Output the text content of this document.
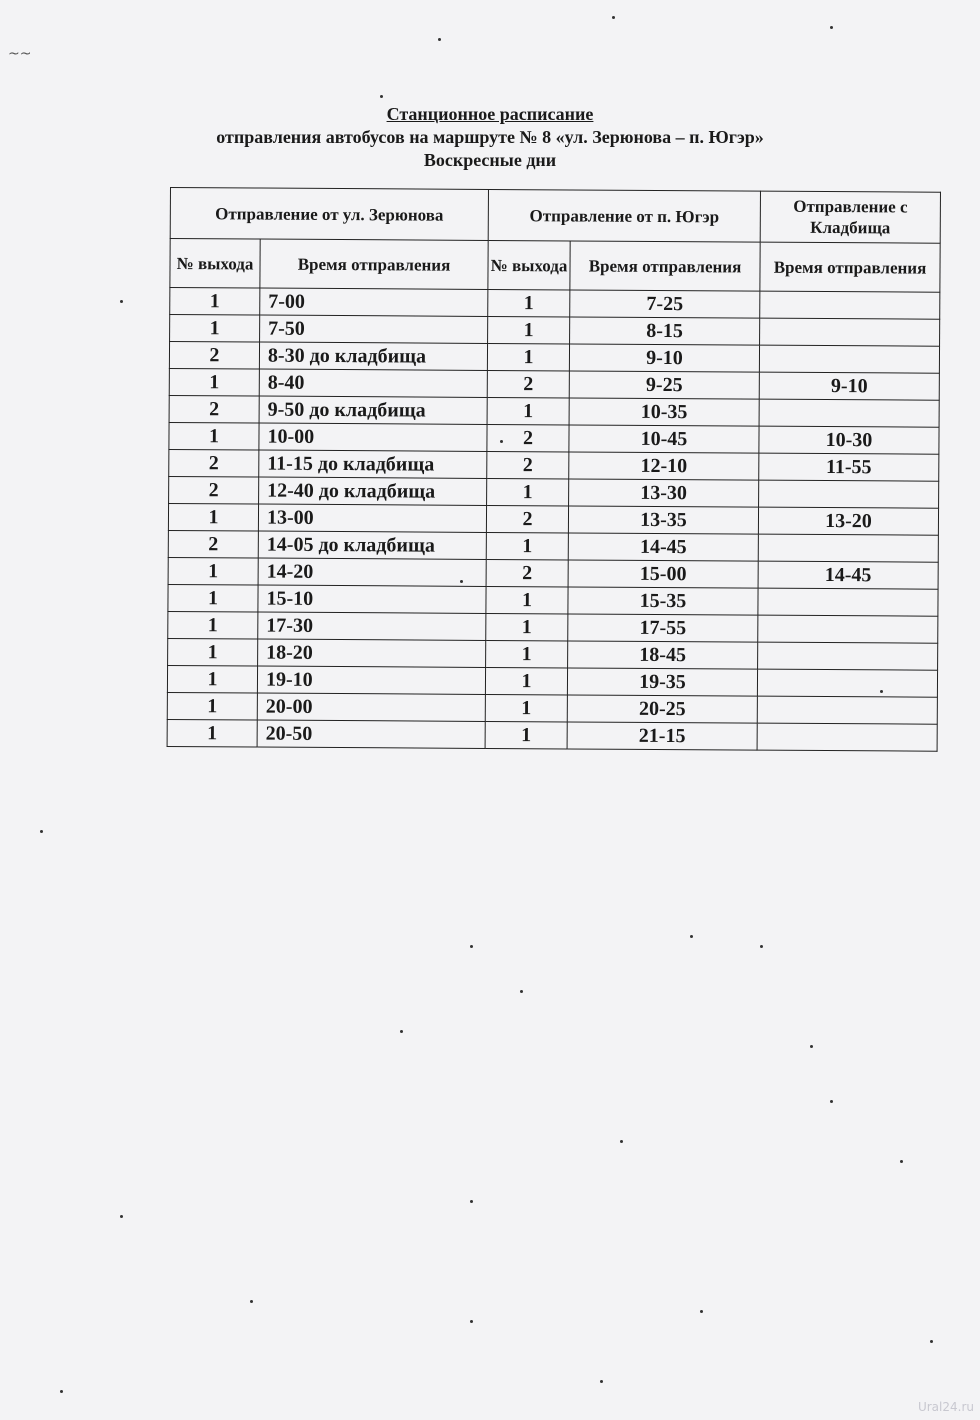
~~
Станционное расписание
отправления автобусов на маршруте № 8 «ул. Зерюнова – п. Югэр»
Воскресные дни
Отправление от ул. Зерюнова		Отправление от п. Югэр		Отправление с Кладбища
№ выхода	Время отправления	№ выхода	Время отправления	Время отправления
1	7-00	1	7-25	
1	7-50	1	8-15	
2	8-30 до кладбища	1	9-10	
1	8-40	2	9-25	9-10
2	9-50 до кладбища	1	10-35	
1	10-00	2	10-45	10-30
2	11-15 до кладбища	2	12-10	11-55
2	12-40 до кладбища	1	13-30	
1	13-00	2	13-35	13-20
2	14-05 до кладбища	1	14-45	
1	14-20	2	15-00	14-45
1	15-10	1	15-35	
1	17-30	1	17-55	
1	18-20	1	18-45	
1	19-10	1	19-35	
1	20-00	1	20-25	
1	20-50	1	21-15	
Ural24.ru
